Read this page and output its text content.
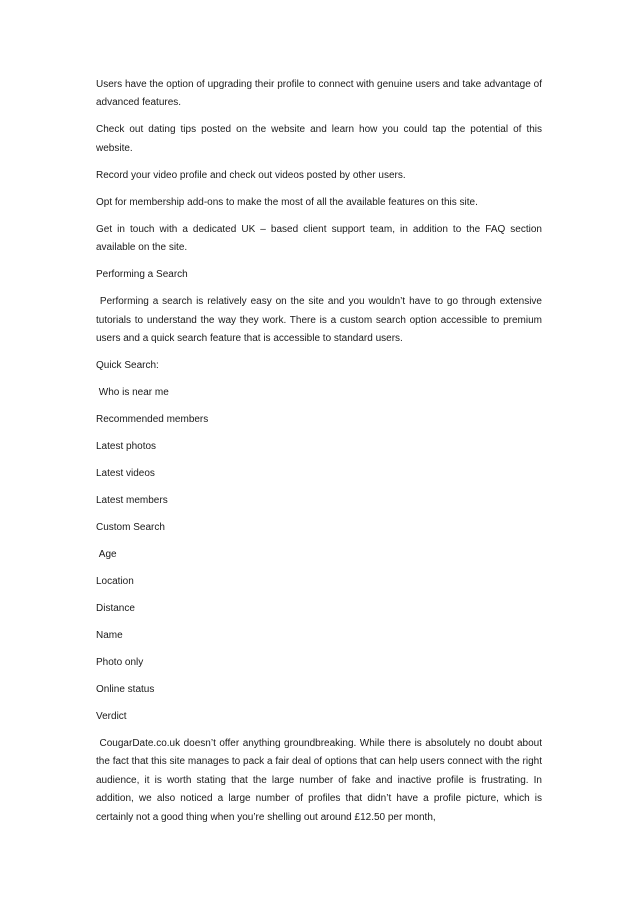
Users have the option of upgrading their profile to connect with genuine users and take advantage of advanced features.

Check out dating tips posted on the website and learn how you could tap the potential of this website.

Record your video profile and check out videos posted by other users.

Opt for membership add-ons to make the most of all the available features on this site.

Get in touch with a dedicated UK – based client support team, in addition to the FAQ section available on the site.

Performing a Search

Performing a search is relatively easy on the site and you wouldn’t have to go through extensive tutorials to understand the way they work. There is a custom search option accessible to premium users and a quick search feature that is accessible to standard users.

Quick Search:

Who is near me

Recommended members

Latest photos

Latest videos

Latest members

Custom Search

Age

Location

Distance

Name

Photo only

Online status

Verdict

CougarDate.co.uk doesn’t offer anything groundbreaking. While there is absolutely no doubt about the fact that this site manages to pack a fair deal of options that can help users connect with the right audience, it is worth stating that the large number of fake and inactive profile is frustrating. In addition, we also noticed a large number of profiles that didn’t have a profile picture, which is certainly not a good thing when you’re shelling out around £12.50 per month,
